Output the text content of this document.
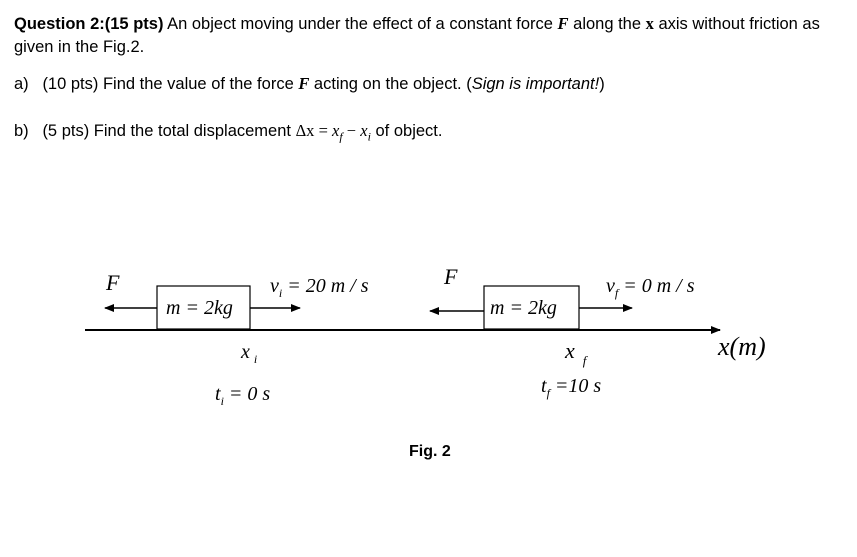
Question 2:(15 pts) An object moving under the effect of a constant force F along the x axis without friction as given in the Fig.2.
a) (10 pts) Find the value of the force F acting on the object. (Sign is important!)
b) (5 pts) Find the total displacement $\Delta x = x_f - x_i$ of object.
x(m)
m = 2kg
F	$v_i = 20$ m / s
x $_i$
$t_i = 0$ s
m = 2kg
F	$v_f = 0$ m / s
x $_f$
$t_f =10$ s
Fig. 2
